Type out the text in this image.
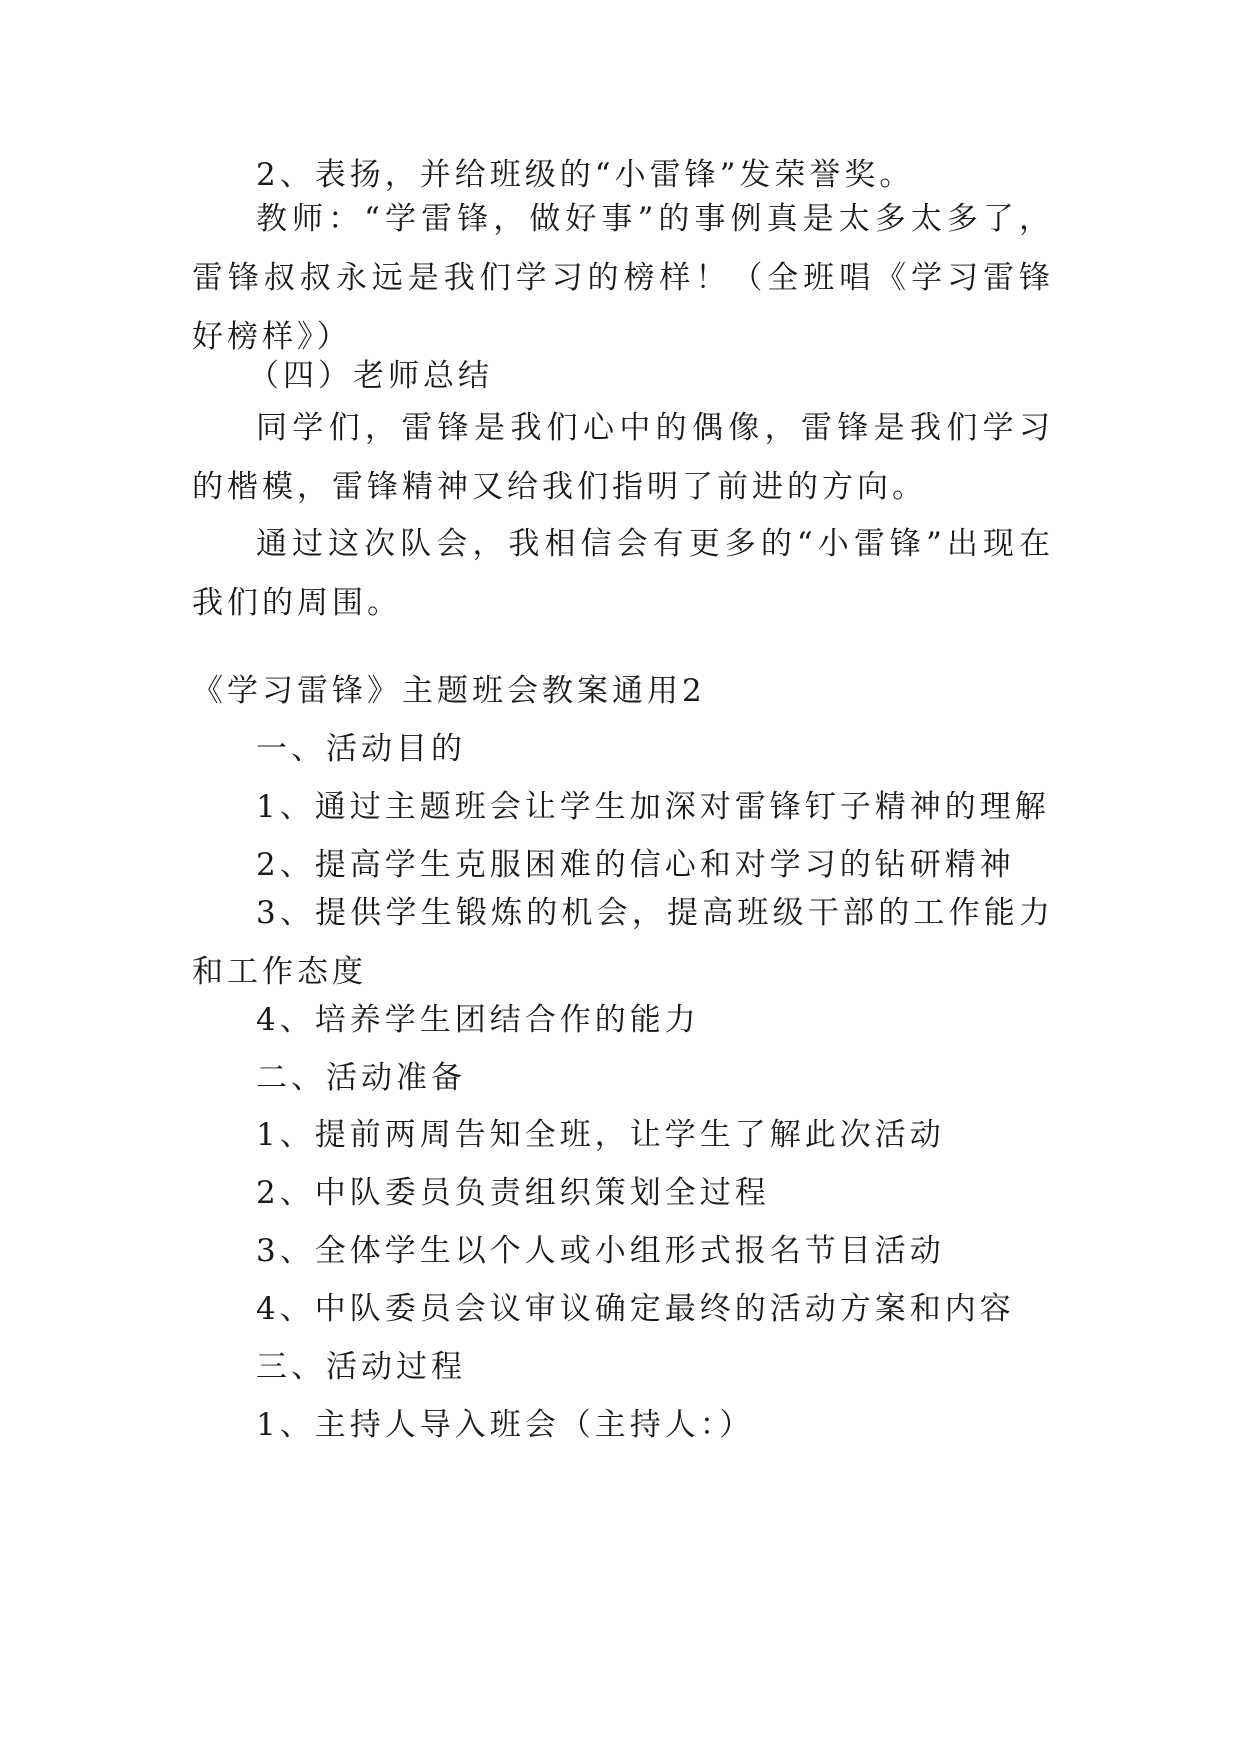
2、表扬，并给班级的“小雷锋”发荣誉奖。
教师：“学雷锋，做好事”的事例真是太多太多了，雷锋叔叔永远是我们学习的榜样！（全班唱《学习雷锋好榜样》）
（四）老师总结
同学们，雷锋是我们心中的偶像，雷锋是我们学习的楷模，雷锋精神又给我们指明了前进的方向。
通过这次队会，我相信会有更多的“小雷锋”出现在我们的周围。
《学习雷锋》主题班会教案通用2
一、活动目的
1、通过主题班会让学生加深对雷锋钉子精神的理解
2、提高学生克服困难的信心和对学习的钻研精神
3、提供学生锻炼的机会，提高班级干部的工作能力和工作态度
4、培养学生团结合作的能力
二、活动准备
1、提前两周告知全班，让学生了解此次活动
2、中队委员负责组织策划全过程
3、全体学生以个人或小组形式报名节目活动
4、中队委员会议审议确定最终的活动方案和内容
三、活动过程
1、主持人导入班会（主持人：）
